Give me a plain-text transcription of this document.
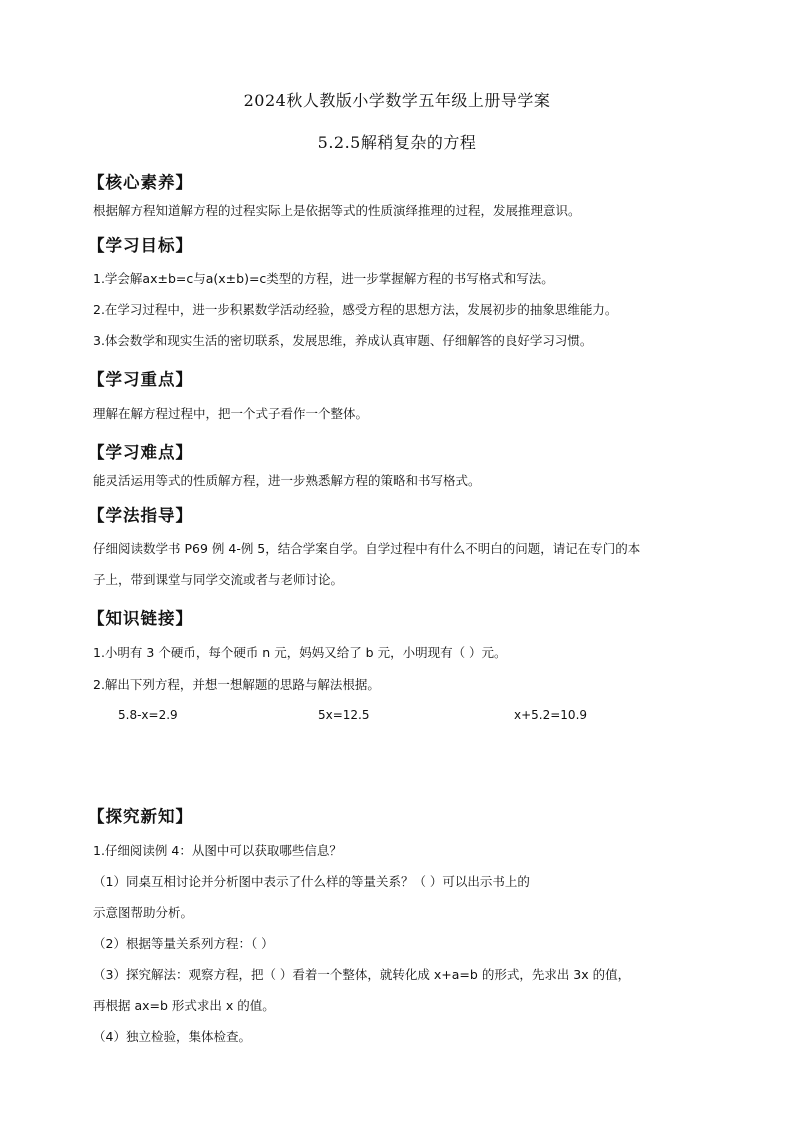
2024秋人教版小学数学五年级上册导学案
5.2.5解稍复杂的方程
【核心素养】
根据解方程知道解方程的过程实际上是依据等式的性质演绎推理的过程，发展推理意识。
【学习目标】
1.学会解ax±b=c与a(x±b)=c类型的方程，进一步掌握解方程的书写格式和写法。
2.在学习过程中，进一步积累数学活动经验，感受方程的思想方法，发展初步的抽象思维能力。
3.体会数学和现实生活的密切联系，发展思维，养成认真审题、仔细解答的良好学习习惯。
【学习重点】
理解在解方程过程中，把一个式子看作一个整体。
【学习难点】
能灵活运用等式的性质解方程，进一步熟悉解方程的策略和书写格式。
【学法指导】
仔细阅读数学书 P69 例 4-例 5，结合学案自学。自学过程中有什么不明白的问题，请记在专门的本
子上，带到课堂与同学交流或者与老师讨论。
【知识链接】
1.小明有 3 个硬币，每个硬币 n 元，妈妈又给了 b 元，小明现有（ ）元。
2.解出下列方程，并想一想解题的思路与解法根据。
5.8-x=2.9	5x=12.5	x+5.2=10.9
【探究新知】
1.仔细阅读例 4：从图中可以获取哪些信息？
（1）同桌互相讨论并分析图中表示了什么样的等量关系？（ ）可以出示书上的
示意图帮助分析。
（2）根据等量关系列方程：（ ）
（3）探究解法：观察方程，把（ ）看着一个整体，就转化成 x+a=b 的形式，先求出 3x 的值，
再根据 ax=b 形式求出 x 的值。
（4）独立检验，集体检查。
